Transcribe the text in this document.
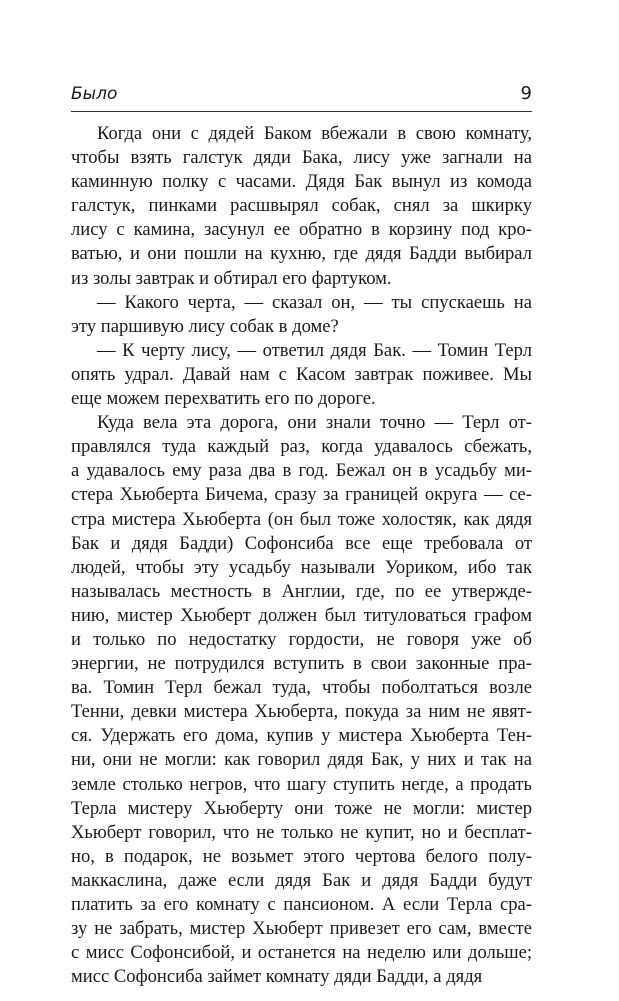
Было	9
Когда они с дядей Баком вбежали в свою комнату,
чтобы взять галстук дяди Бака, лису уже загнали на
каминную полку с часами. Дядя Бак вынул из комода
галстук, пинками расшвырял собак, снял за шкирку
лису с камина, засунул ее обратно в корзину под кро-
ватью, и они пошли на кухню, где дядя Бадди выбирал
из золы завтрак и обтирал его фартуком.
— Какого черта, — сказал он, — ты спускаешь на
эту паршивую лису собак в доме?
— К черту лису, — ответил дядя Бак. — Томин Терл
опять удрал. Давай нам с Касом завтрак поживее. Мы
еще можем перехватить его по дороге.
Куда вела эта дорога, они знали точно — Терл от-
правлялся туда каждый раз, когда удавалось сбежать,
а удавалось ему раза два в год. Бежал он в усадьбу ми-
стера Хьюберта Бичема, сразу за границей округа — се-
стра мистера Хьюберта (он был тоже холостяк, как дядя
Бак и дядя Бадди) Софонсиба все еще требовала от
людей, чтобы эту усадьбу называли Уориком, ибо так
называлась местность в Англии, где, по ее утвержде-
нию, мистер Хьюберт должен был титуловаться графом
и только по недостатку гордости, не говоря уже об
энергии, не потрудился вступить в свои законные пра-
ва. Томин Терл бежал туда, чтобы поболтаться возле
Тенни, девки мистера Хьюберта, покуда за ним не явят-
ся. Удержать его дома, купив у мистера Хьюберта Тен-
ни, они не могли: как говорил дядя Бак, у них и так на
земле столько негров, что шагу ступить негде, а продать
Терла мистеру Хьюберту они тоже не могли: мистер
Хьюберт говорил, что не только не купит, но и бесплат-
но, в подарок, не возьмет этого чертова белого полу-
маккаслина, даже если дядя Бак и дядя Бадди будут
платить за его комнату с пансионом. А если Терла сра-
зу не забрать, мистер Хьюберт привезет его сам, вместе
с мисс Софонсибой, и останется на неделю или дольше;
мисс Софонсиба займет комнату дяди Бадди, а дядя
